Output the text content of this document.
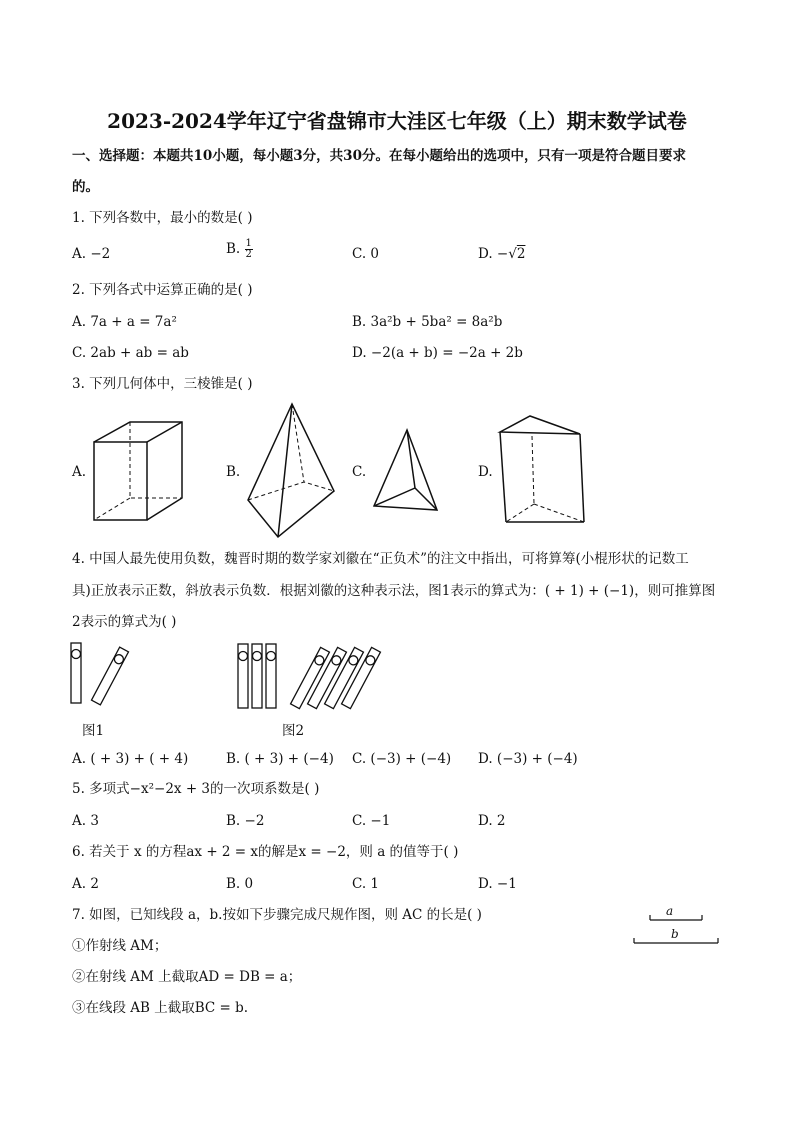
2023-2024学年辽宁省盘锦市大洼区七年级（上）期末数学试卷
一、选择题：本题共10小题，每小题3分，共30分。在每小题给出的选项中，只有一项是符合题目要求
的。
1. 下列各数中，最小的数是( )
A. −2	B. $\frac{1}{2}$	C. 0	D. −√2
2. 下列各式中运算正确的是( )
A. 7a + a = 7a²	B. 3a²b + 5ba² = 8a²b
C. 2ab + ab = ab	D. −2(a + b) = −2a + 2b
3. 下列几何体中，三棱锥是( )
A.	B.	C.	D.
4. 中国人最先使用负数，魏晋时期的数学家刘徽在“正负术”的注文中指出，可将算筹(小棍形状的记数工
具)正放表示正数，斜放表示负数．根据刘徽的这种表示法，图1表示的算式为：( + 1) + (−1)，则可推算图
2表示的算式为( )
图1	图2
A. ( + 3) + ( + 4)	B. ( + 3) + (−4) C. (−3) + (−4) D. (−3) + (−4)
5. 多项式−x²−2x + 3的一次项系数是( )
A. 3	B. −2	C. −1	D. 2
6. 若关于 x 的方程ax + 2 = x的解是x = −2，则 a 的值等于( )
A. 2	B. 0	C. 1	D. −1
7. 如图，已知线段 a，b.按如下步骤完成尺规作图，则 AC 的长是( )
①作射线 AM；
②在射线 AM 上截取AD = DB = a；
③在线段 AB 上截取BC = b.
a
b
